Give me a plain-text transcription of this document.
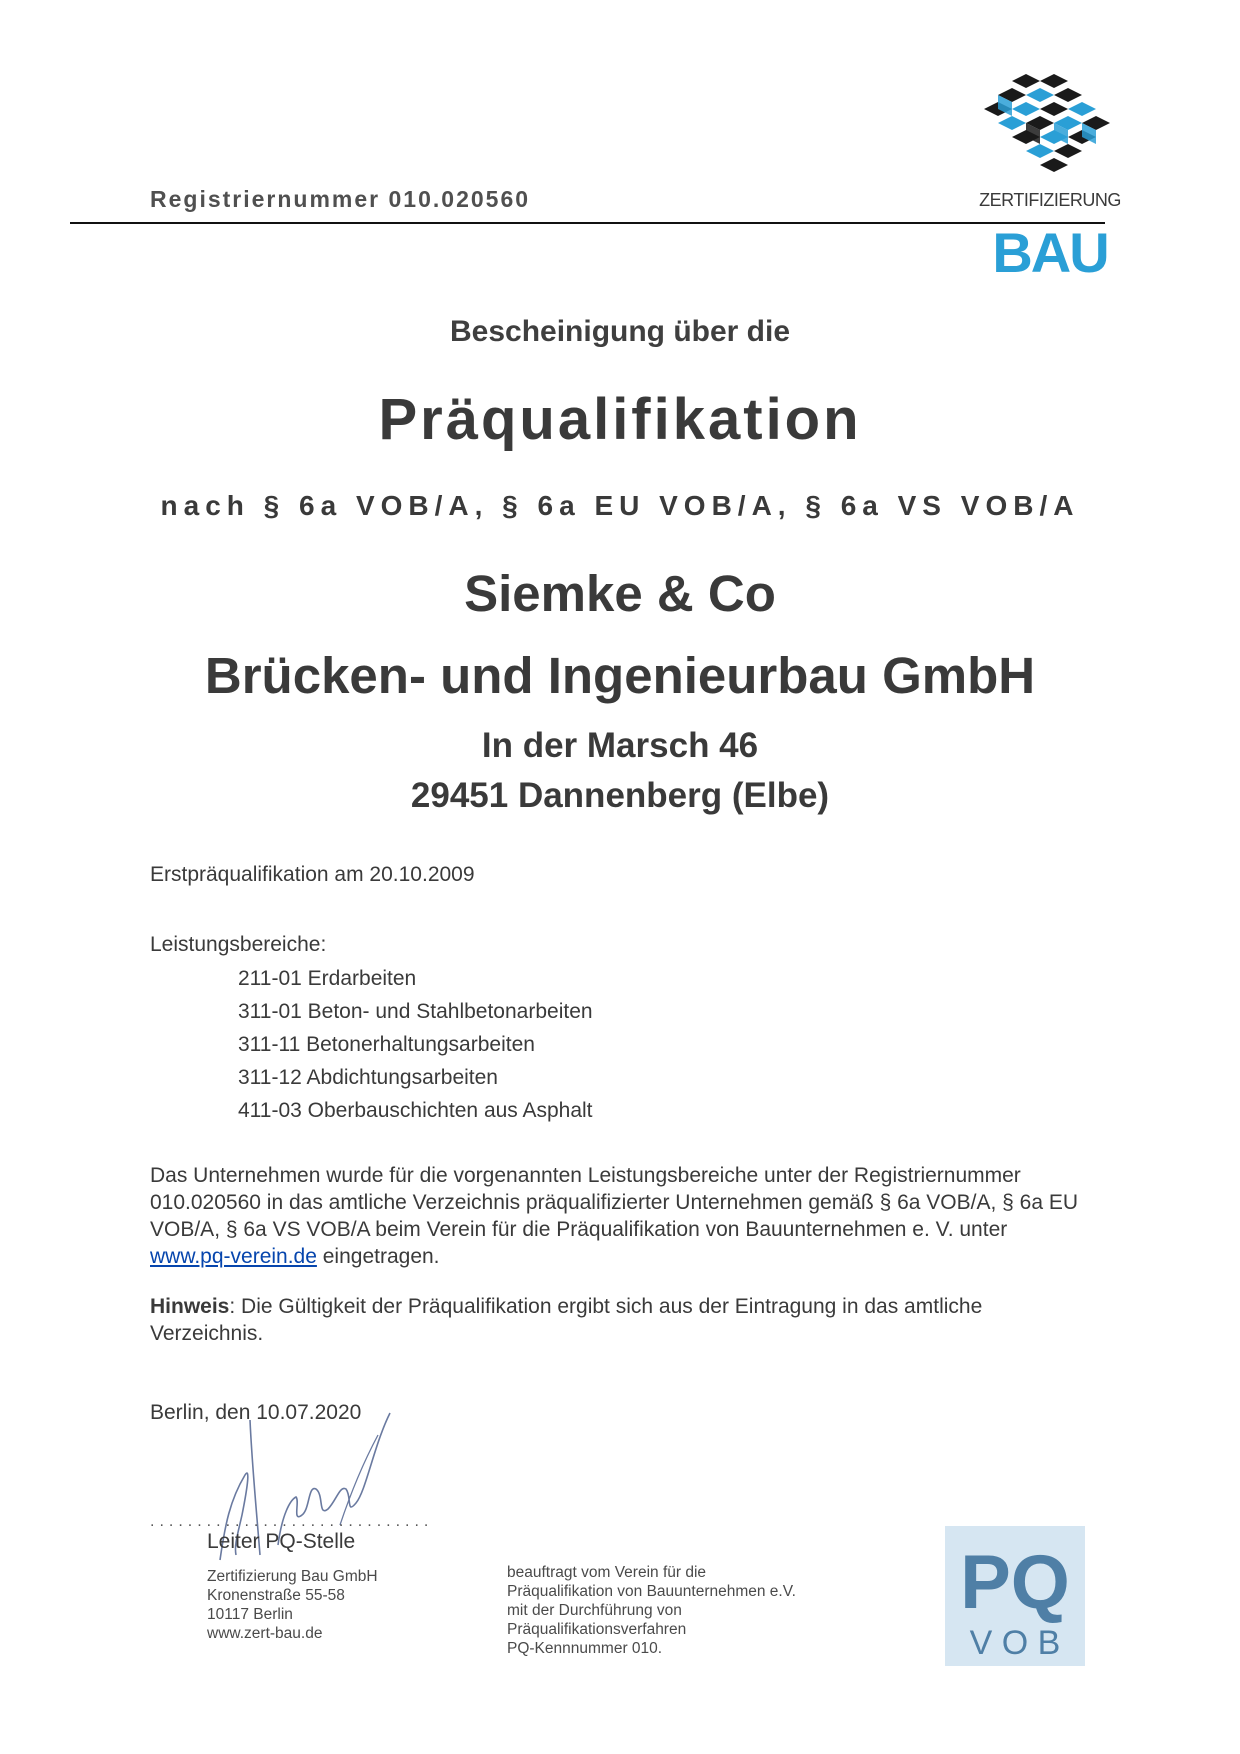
Registriernummer 010.020560	ZERTIFIZIERUNG
BAU
Bescheinigung über die
Präqualifikation
nach § 6a VOB/A, § 6a EU VOB/A, § 6a VS VOB/A
Siemke & Co
Brücken- und Ingenieurbau GmbH
In der Marsch 46
29451 Dannenberg (Elbe)
Erstpräqualifikation am 20.10.2009
Leistungsbereiche:
211-01 Erdarbeiten
311-01 Beton- und Stahlbetonarbeiten
311-11 Betonerhaltungsarbeiten
311-12 Abdichtungsarbeiten
411-03 Oberbauschichten aus Asphalt
Das Unternehmen wurde für die vorgenannten Leistungsbereiche unter der Registriernummer 010.020560 in das amtliche Verzeichnis präqualifizierter Unternehmen gemäß § 6a VOB/A, § 6a EU VOB/A, § 6a VS VOB/A beim Verein für die Präqualifikation von Bauunternehmen e. V. unter www.pq-verein.de eingetragen.
Hinweis: Die Gültigkeit der Präqualifikation ergibt sich aus der Eintragung in das amtliche Verzeichnis.
Berlin, den 10.07.2020
..............................
Leiter PQ-Stelle
Zertifizierung Bau GmbH
Kronenstraße 55-58
10117 Berlin
www.zert-bau.de
beauftragt vom Verein für die
Präqualifikation von Bauunternehmen e.V.
mit der Durchführung von
Präqualifikationsverfahren
PQ-Kennnummer 010.
PQ
V O B
